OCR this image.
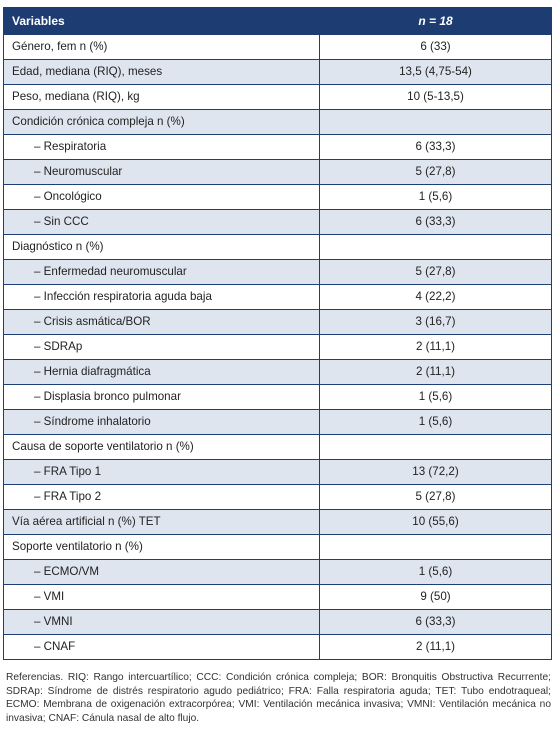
Variables	n = 18
Género, fem n (%)	6 (33)
Edad, mediana (RIQ), meses	13,5 (4,75-54)
Peso, mediana (RIQ), kg	10 (5-13,5)
Condición crónica compleja n (%)	
– Respiratoria	6 (33,3)
– Neuromuscular	5 (27,8)
– Oncológico	1 (5,6)
– Sin CCC	6 (33,3)
Diagnóstico n (%)	
– Enfermedad neuromuscular	5 (27,8)
– Infección respiratoria aguda baja	4 (22,2)
– Crisis asmática/BOR	3 (16,7)
– SDRAp	2 (11,1)
– Hernia diafragmática	2 (11,1)
– Displasia bronco pulmonar	1 (5,6)
– Síndrome inhalatorio	1 (5,6)
Causa de soporte ventilatorio n (%)	
– FRA Tipo 1	13 (72,2)
– FRA Tipo 2	5 (27,8)
Vía aérea artificial n (%) TET	10 (55,6)
Soporte ventilatorio n (%)	
– ECMO/VM	1 (5,6)
– VMI	9 (50)
– VMNI	6 (33,3)
– CNAF	2 (11,1)
Referencias. RIQ: Rango intercuartílico; CCC: Condición crónica compleja; BOR: Bronquitis Obstructiva Recurrente; SDRAp: Síndrome de distrés respiratorio agudo pediátrico; FRA: Falla respiratoria aguda; TET: Tubo endotraqueal; ECMO: Membrana de oxigenación extracorpórea; VMI: Ventilación mecánica invasiva; VMNI: Ventilación mecánica no invasiva; CNAF: Cánula nasal de alto flujo.
